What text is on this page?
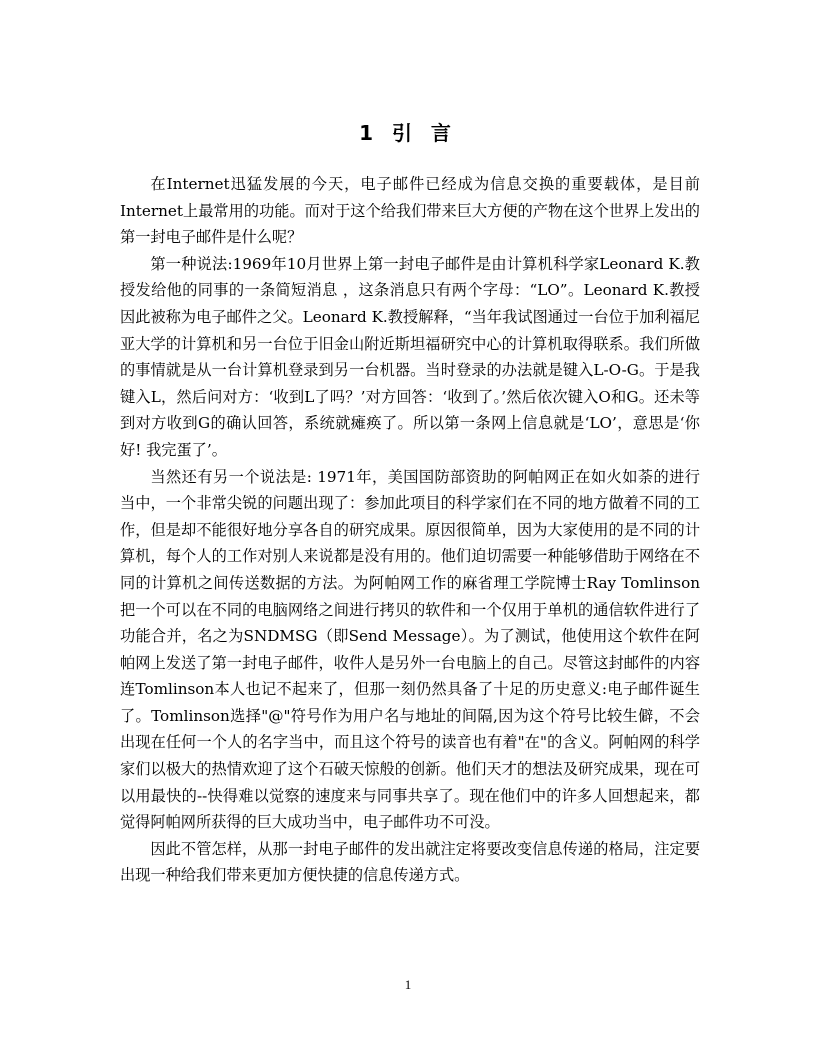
1 引 言

在Internet迅猛发展的今天，电子邮件已经成为信息交换的重要载体，是目前Internet上最常用的功能。而对于这个给我们带来巨大方便的产物在这个世界上发出的第一封电子邮件是什么呢？

第一种说法:1969年10月世界上第一封电子邮件是由计算机科学家Leonard K.教授发给他的同事的一条简短消息 ，这条消息只有两个字母：“LO”。Leonard K.教授因此被称为电子邮件之父。Leonard K.教授解释，“当年我试图通过一台位于加利福尼亚大学的计算机和另一台位于旧金山附近斯坦福研究中心的计算机取得联系。我们所做的事情就是从一台计算机登录到另一台机器。当时登录的办法就是键入L-O-G。于是我键入L，然后问对方：‘收到L了吗？’对方回答：‘收到了。’然后依次键入O和G。还未等到对方收到G的确认回答，系统就瘫痪了。所以第一条网上信息就是‘LO’，意思是‘你好! 我完蛋了’。

当然还有另一个说法是: 1971年，美国国防部资助的阿帕网正在如火如荼的进行当中，一个非常尖锐的问题出现了：参加此项目的科学家们在不同的地方做着不同的工作，但是却不能很好地分享各自的研究成果。原因很简单，因为大家使用的是不同的计算机，每个人的工作对别人来说都是没有用的。他们迫切需要一种能够借助于网络在不同的计算机之间传送数据的方法。为阿帕网工作的麻省理工学院博士Ray Tomlinson把一个可以在不同的电脑网络之间进行拷贝的软件和一个仅用于单机的通信软件进行了功能合并，名之为SNDMSG（即Send Message）。为了测试，他使用这个软件在阿帕网上发送了第一封电子邮件，收件人是另外一台电脑上的自己。尽管这封邮件的内容连Tomlinson本人也记不起来了，但那一刻仍然具备了十足的历史意义:电子邮件诞生了。Tomlinson选择"@"符号作为用户名与地址的间隔,因为这个符号比较生僻，不会出现在任何一个人的名字当中，而且这个符号的读音也有着"在"的含义。阿帕网的科学家们以极大的热情欢迎了这个石破天惊般的创新。他们天才的想法及研究成果，现在可以用最快的--快得难以觉察的速度来与同事共享了。现在他们中的许多人回想起来，都觉得阿帕网所获得的巨大成功当中，电子邮件功不可没。

因此不管怎样，从那一封电子邮件的发出就注定将要改变信息传递的格局，注定要出现一种给我们带来更加方便快捷的信息传递方式。

1
